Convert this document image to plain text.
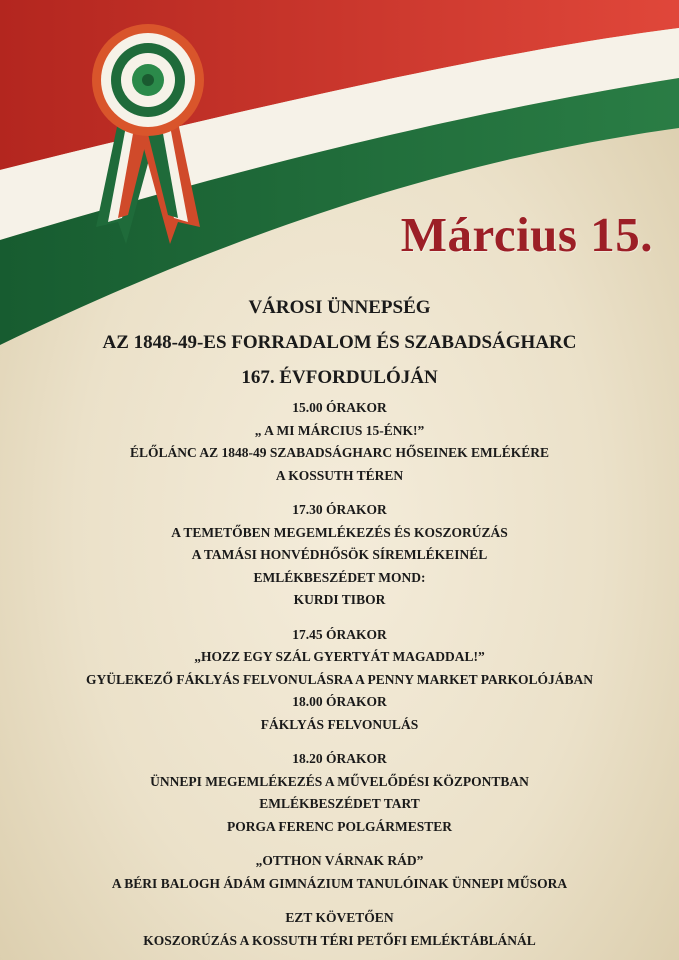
Március 15.
VÁROSI ÜNNEPSÉG
AZ 1848-49-ES FORRADALOM ÉS SZABADSÁGHARC
167. ÉVFORDULÓJÁN
15.00 ÓRAKOR
„ A MI MÁRCIUS 15-ÉNK!”
ÉLŐLÁNC AZ 1848-49 SZABADSÁGHARC HŐSEINEK EMLÉKÉRE
A KOSSUTH TÉREN
17.30 ÓRAKOR
A TEMETŐBEN MEGEMLÉKEZÉS ÉS KOSZORÚZÁS
A TAMÁSI HONVÉDHŐSÖK SÍREMLÉKEINÉL
EMLÉKBESZÉDET MOND:
KURDI TIBOR
17.45 ÓRAKOR
„HOZZ EGY SZÁL GYERTYÁT MAGADDAL!”
GYÜLEKEZŐ FÁKLYÁS FELVONULÁSRA A PENNY MARKET PARKOLÓJÁBAN
18.00 ÓRAKOR
FÁKLYÁS FELVONULÁS
18.20 ÓRAKOR
ÜNNEPI MEGEMLÉKEZÉS A MŰVELŐDÉSI KÖZPONTBAN
EMLÉKBESZÉDET TART
PORGA FERENC POLGÁRMESTER
„OTTHON VÁRNAK RÁD”
A BÉRI BALOGH ÁDÁM GIMNÁZIUM TANULÓINAK ÜNNEPI MŰSORA
EZT KÖVETŐEN
KOSZORÚZÁS A KOSSUTH TÉRI PETŐFI EMLÉKTÁBLÁNÁL
